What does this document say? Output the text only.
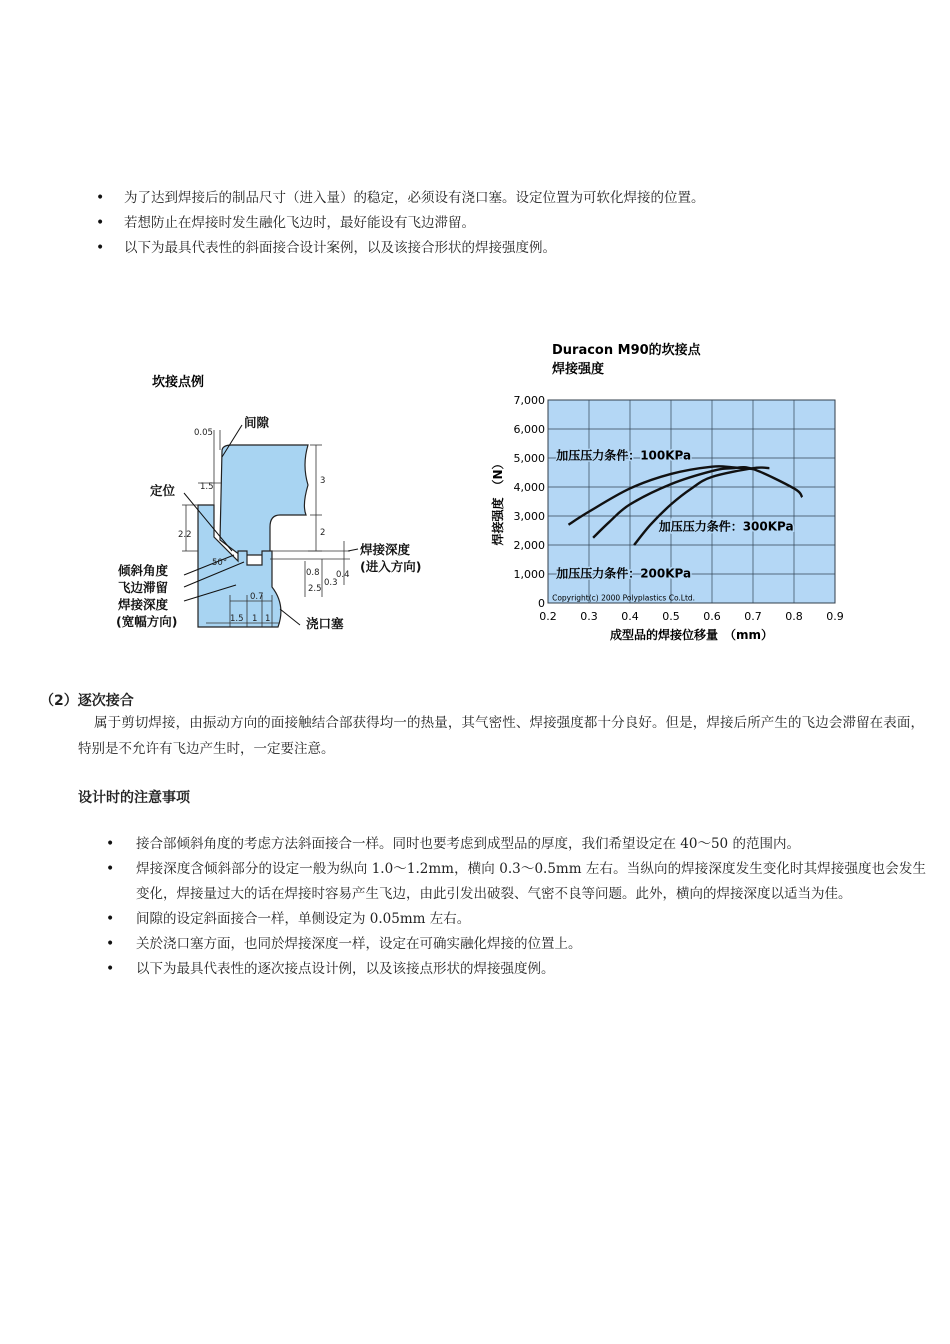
• 为了达到焊接后的制品尺寸（进入量）的稳定，必须设有浇口塞。设定位置为可软化焊接的位置。
• 若想防止在焊接时发生融化飞边时，最好能设有飞边滞留。
• 以下为最具代表性的斜面接合设计案例，以及该接合形状的焊接强度例。
坎接点例
0.05
1.5
3
2
2.2
50°
0.8
0.3
0.4
2.5
0.7
1.5 1 1
间隙
定位
倾斜角度
飞边滞留
焊接深度
(宽幅方向)
焊接深度
(进入方向)
浇口塞
Duracon M90的坎接点
焊接强度
0.2 0.3 0.4 0.5 0.6 0.7 0.8 0.9
0
1,000
2,000
3,000
4,000
5,000
6,000
7,000
加压压力条件：100KPa
加压压力条件：300KPa
加压压力条件：200KPa
Copyright(c) 2000 Polyplastics Co.Ltd.
成型品的焊接位移量　（mm）
焊接强度　（N）
（2）逐次接合
属于剪切焊接，由振动方向的面接触结合部获得均一的热量，其气密性、焊接强度都十分良好。但是，焊接后所产生的飞边会滞留在表面，特别是不允许有飞边产生时，一定要注意。
设计时的注意事项
• 接合部倾斜角度的考虑方法斜面接合一样。同时也要考虑到成型品的厚度，我们希望设定在 40～50 的范围内。
• 焊接深度含倾斜部分的设定一般为纵向 1.0～1.2mm，横向 0.3～0.5mm 左右。当纵向的焊接深度发生变化时其焊接强度也会发生变化，焊接量过大的话在焊接时容易产生飞边，由此引发出破裂、气密不良等问题。此外，横向的焊接深度以适当为佳。
• 间隙的设定斜面接合一样，单侧设定为 0.05mm 左右。
• 关於浇口塞方面，也同於焊接深度一样，设定在可确实融化焊接的位置上。
• 以下为最具代表性的逐次接点设计例，以及该接点形状的焊接强度例。
